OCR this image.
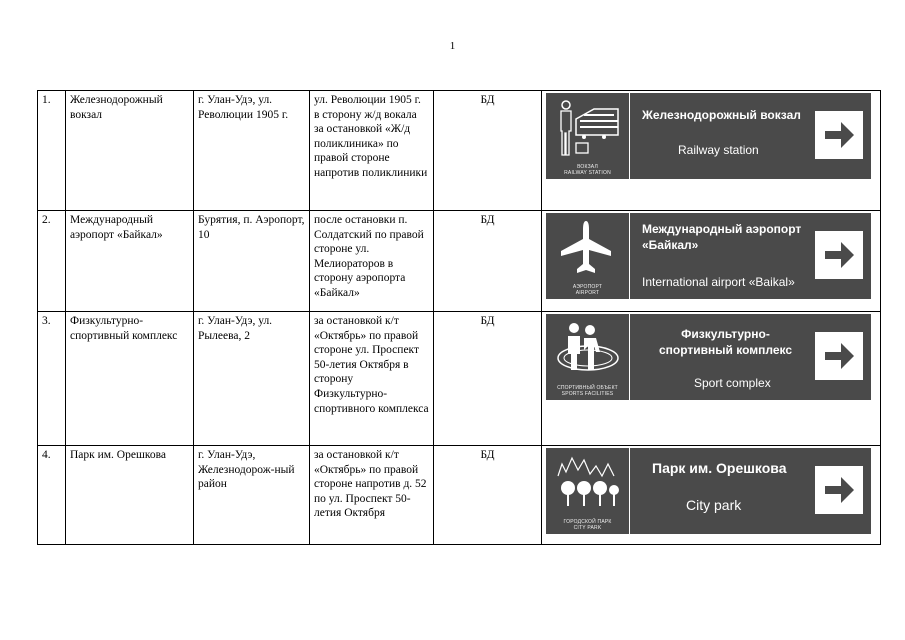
1
1.	Железнодорожный вокзал	г. Улан-Удэ, ул. Революции 1905 г.	ул. Революции 1905 г. в сторону ж/д вокала за остановкой «Ж/д поликлиника» по правой стороне напротив поликлиники	БД	ВОКЗАЛ
RAILWAY STATION
Железнодорожный вокзал
Railway station

2.	Международный аэропорт «Байкал»	Бурятия, п. Аэропорт, 10	после остановки п. Солдатский по правой стороне ул. Мелиораторов в сторону аэропорта «Байкал»	БД	АЭРОПОРТ
AIRPORT
Международный аэропорт «Байкал»
International airport «Baikal»

3.	Физкультурно-спортивный комплекс	г. Улан-Удэ, ул. Рылеева, 2	за остановкой к/т «Октябрь» по правой стороне ул. Проспект 50-летия Октября в сторону Физкультурно-спортивного комплекса	БД	СПОРТИВНЫЙ ОБЪЕКТ
SPORTS FACILITIES
Физкультурно-спортивный комплекс
Sport complex

4.	Парк им. Орешкова	г. Улан-Удэ, Железнодорож-ный район	за остановкой к/т «Октябрь» по правой стороне напротив д. 52 по ул. Проспект 50-летия Октября	БД	ГОРОДСКОЙ ПАРК
CITY PARK
Парк им. Орешкова
City park
